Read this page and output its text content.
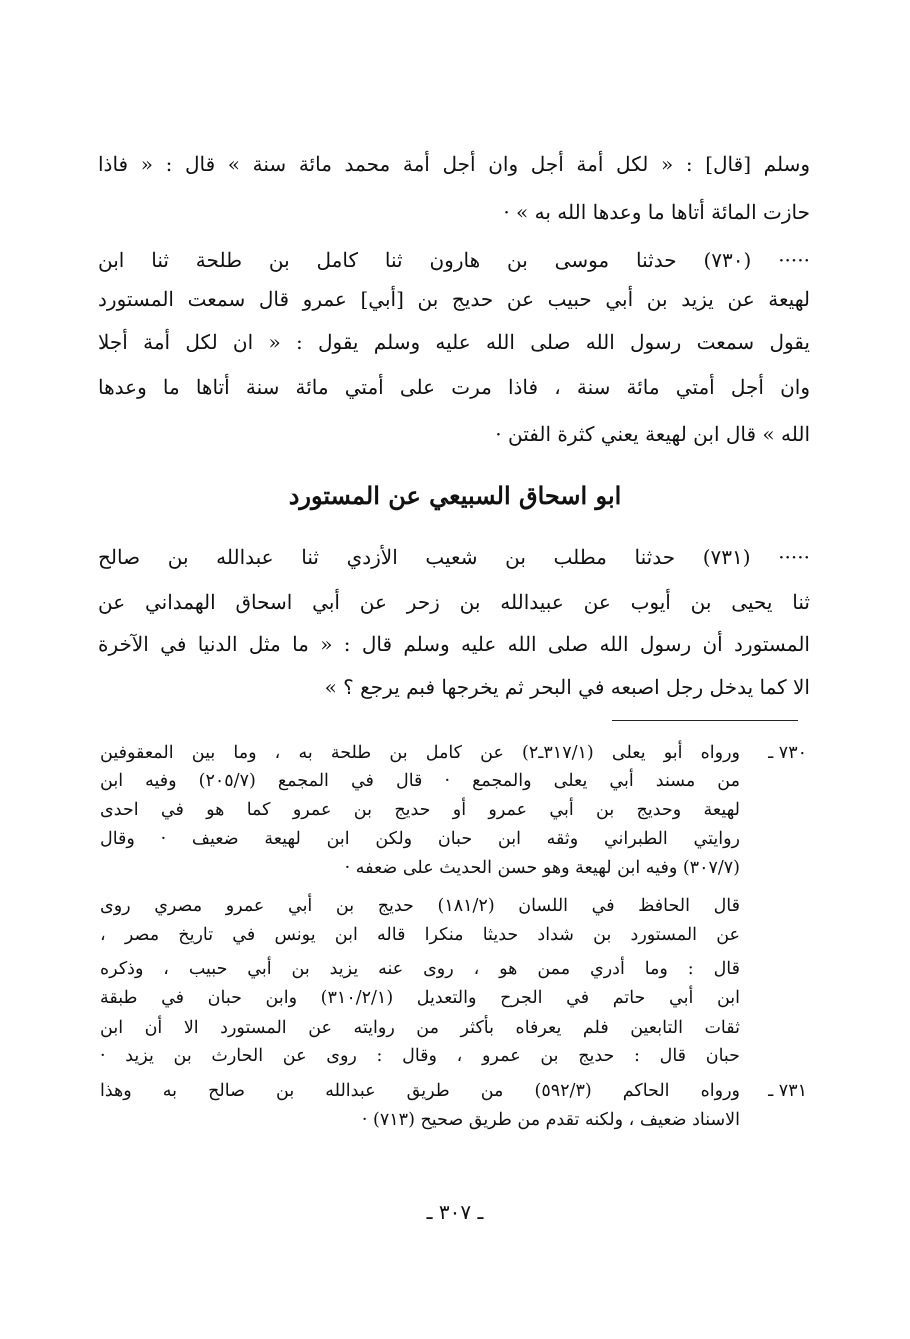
وسلم [قال] : « لكل أمة أجل وان أجل أمة محمد مائة سنة » قال : « فاذا
حازت المائة أتاها ما وعدها الله به » ·
····· (٧٣٠) حدثنا موسى بن هارون ثنا كامل بن طلحة ثنا ابن
لهيعة عن يزيد بن أبي حبيب عن حديج بن [أبي] عمرو قال سمعت المستورد
يقول سمعت رسول الله صلى الله عليه وسلم يقول : « ان لكل أمة أجلا
وان أجل أمتي مائة سنة ، فاذا مرت على أمتي مائة سنة أتاها ما وعدها
الله » قال ابن لهيعة يعني كثرة الفتن ·
ابو اسحاق السبيعي عن المستورد
····· (٧٣١) حدثنا مطلب بن شعيب الأزدي ثنا عبدالله بن صالح
ثنا يحيى بن أيوب عن عبيدالله بن زحر عن أبي اسحاق الهمداني عن
المستورد أن رسول الله صلى الله عليه وسلم قال : « ما مثل الدنيا في الآخرة
الا كما يدخل رجل اصبعه في البحر ثم يخرجها فبم يرجع ؟ »
٧٣٠ ـ
ورواه أبو يعلى (٣١٧/١ـ٢) عن كامل بن طلحة به ، وما بين المعقوفين
من مسند أبي يعلى والمجمع · قال في المجمع (٢٠٥/٧) وفيه ابن
لهيعة وحديج بن أبي عمرو أو حديج بن عمرو كما هو في احدى
روايتي الطبراني وثقه ابن حبان ولكن ابن لهيعة ضعيف · وقال
(٣٠٧/٧) وفيه ابن لهيعة وهو حسن الحديث على ضعفه ·
قال الحافظ في اللسان (١٨١/٢) حديج بن أبي عمرو مصري روى
عن المستورد بن شداد حديثا منكرا قاله ابن يونس في تاريخ مصر ،
قال : وما أدري ممن هو ، روى عنه يزيد بن أبي حبيب ، وذكره
ابن أبي حاتم في الجرح والتعديل (٣١٠/٢/١) وابن حبان في طبقة
ثقات التابعين فلم يعرفاه بأكثر من روايته عن المستورد الا أن ابن
حبان قال : حديج بن عمرو ، وقال : روى عن الحارث بن يزيد ·
٧٣١ ـ
ورواه الحاكم (٥٩٢/٣) من طريق عبدالله بن صالح به وهذا
الاسناد ضعيف ، ولكنه تقدم من طريق صحيح (٧١٣) ·
ـ ٣٠٧ ـ
